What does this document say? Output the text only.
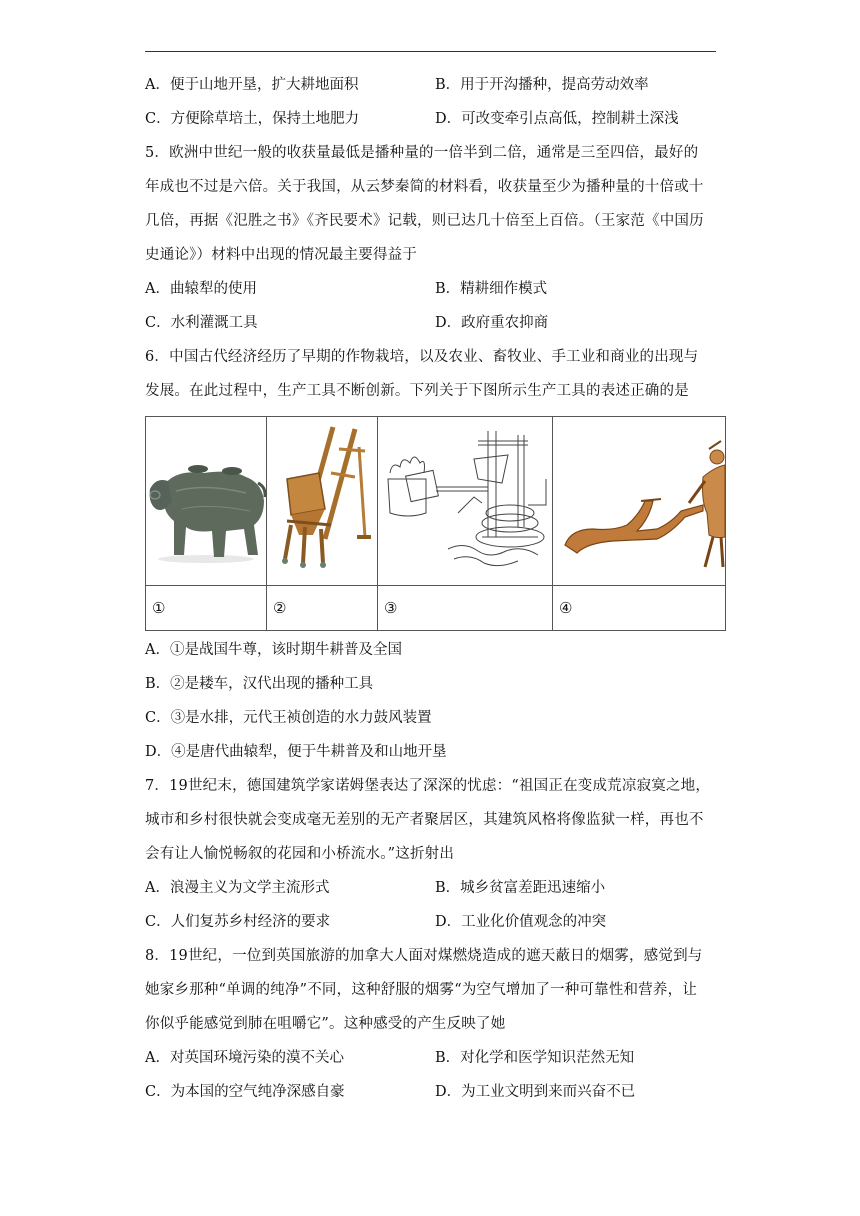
A．便于山地开垦，扩大耕地面积	B．用于开沟播种，提高劳动效率
C．方便除草培土，保持土地肥力	D．可改变牵引点高低，控制耕土深浅
5．欧洲中世纪一般的收获量最低是播种量的一倍半到二倍，通常是三至四倍，最好的
年成也不过是六倍。关于我国，从云梦秦简的材料看，收获量至少为播种量的十倍或十
几倍，再据《氾胜之书》《齐民要术》记载，则已达几十倍至上百倍。（王家范《中国历
史通论》）材料中出现的情况最主要得益于
A．曲辕犁的使用	B．精耕细作模式
C．水利灌溉工具	D．政府重农抑商
6．中国古代经济经历了早期的作物栽培，以及农业、畜牧业、手工业和商业的出现与
发展。在此过程中，生产工具不断创新。下列关于下图所示生产工具的表述正确的是

①	②	③	④
A．①是战国牛尊，该时期牛耕普及全国
B．②是耧车，汉代出现的播种工具
C．③是水排，元代王祯创造的水力鼓风装置
D．④是唐代曲辕犁，便于牛耕普及和山地开垦
7．19世纪末，德国建筑学家诺姆堡表达了深深的忧虑：“祖国正在变成荒凉寂寞之地，
城市和乡村很快就会变成毫无差别的无产者聚居区，其建筑风格将像监狱一样，再也不
会有让人愉悦畅叙的花园和小桥流水。”这折射出
A．浪漫主义为文学主流形式	B．城乡贫富差距迅速缩小
C．人们复苏乡村经济的要求	D．工业化价值观念的冲突
8．19世纪，一位到英国旅游的加拿大人面对煤燃烧造成的遮天蔽日的烟雾，感觉到与
她家乡那种“单调的纯净”不同，这种舒服的烟雾“为空气增加了一种可靠性和营养，让
你似乎能感觉到肺在咀嚼它”。这种感受的产生反映了她
A．对英国环境污染的漠不关心	B．对化学和医学知识茫然无知
C．为本国的空气纯净深感自豪	D．为工业文明到来而兴奋不已
